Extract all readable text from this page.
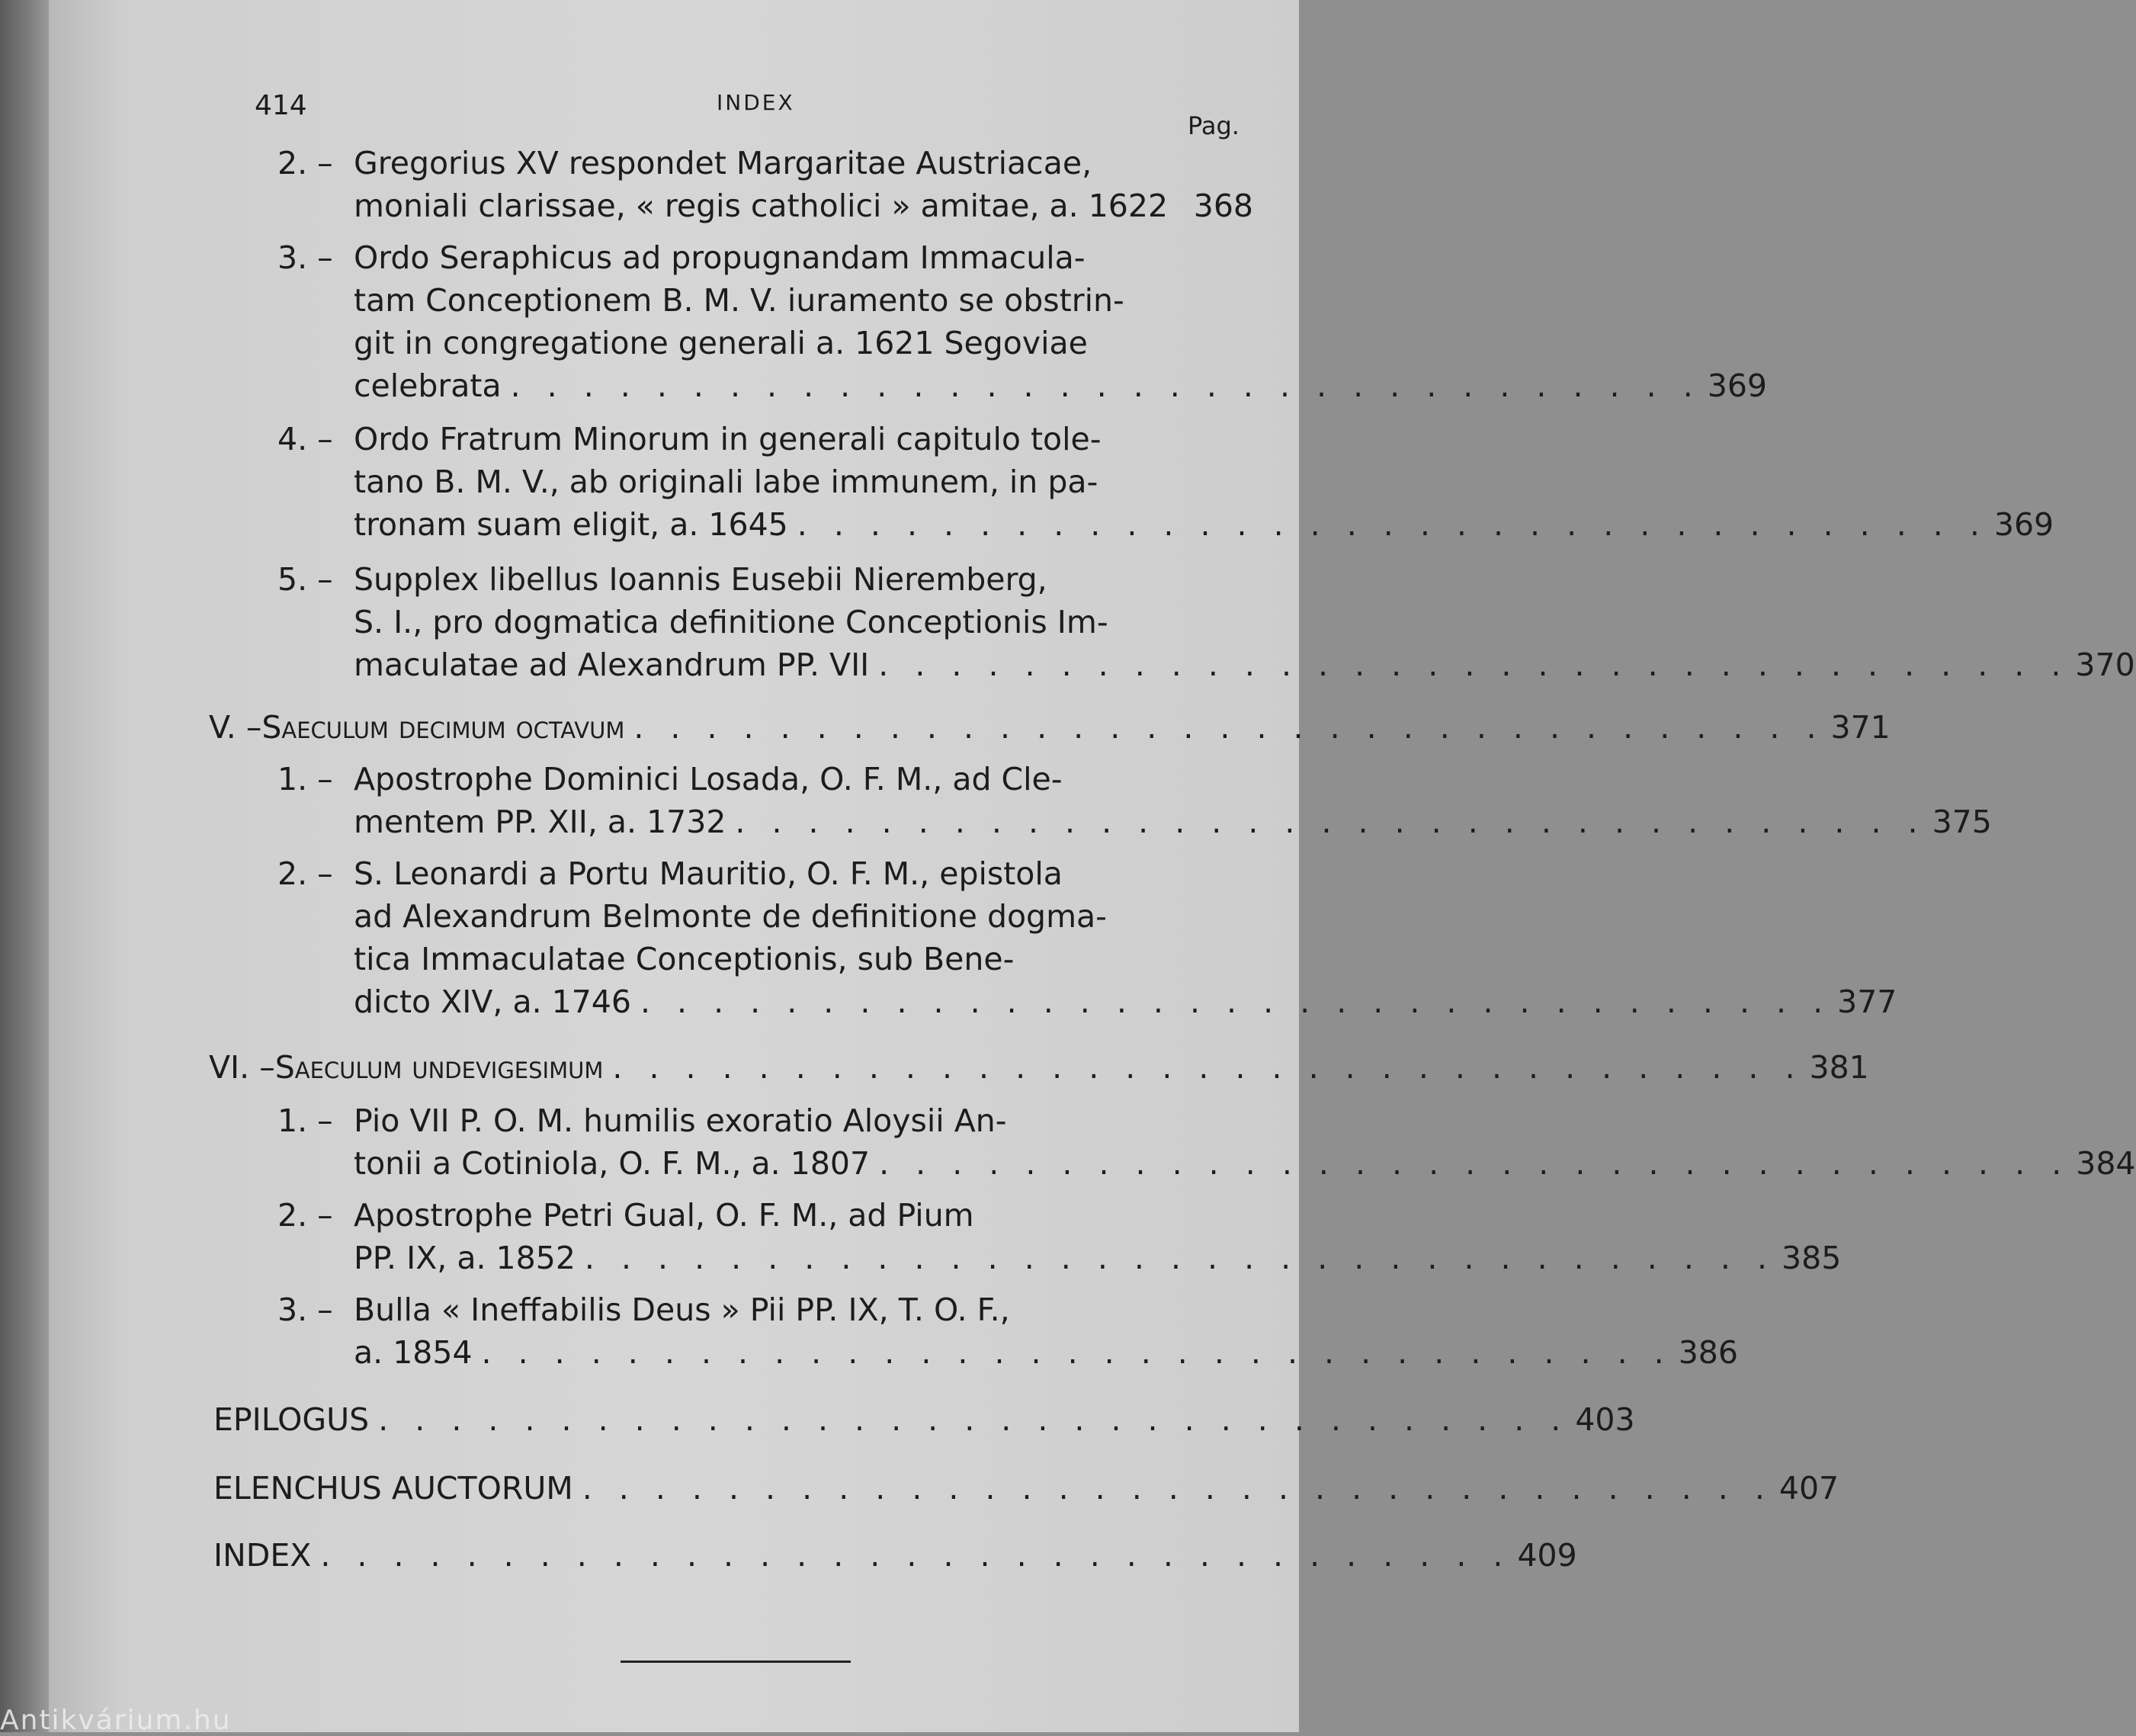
414	INDEX
Pag.
2. – Gregorius XV respondet Margaritae Austriacae,
moniali clarissae, « regis catholici » amitae, a. 1622 368
3. – Ordo Seraphicus ad propugnandam Immacula-
tam Conceptionem B. M. V. iuramento se obstrin-
git in congregatione generali a. 1621 Segoviae
celebrata . . . . . . . . . . . . . . . . . . . . . . . . . . . . . . . . . 369
4. – Ordo Fratrum Minorum in generali capitulo tole-
tano B. M. V., ab originali labe immunem, in pa-
tronam suam eligit, a. 1645 . . . . . . . . . . . . . . . . . . . . . . . . . . . . . . . . . 369
5. – Supplex libellus Ioannis Eusebii Nieremberg,
S. I., pro dogmatica definitione Conceptionis Im-
maculatae ad Alexandrum PP. VII . . . . . . . . . . . . . . . . . . . . . . . . . . . . . . . . . 370
V. – Saeculum decimum octavum . . . . . . . . . . . . . . . . . . . . . . . . . . . . . . . . . 371
1. – Apostrophe Dominici Losada, O. F. M., ad Cle-
mentem PP. XII, a. 1732 . . . . . . . . . . . . . . . . . . . . . . . . . . . . . . . . . 375
2. – S. Leonardi a Portu Mauritio, O. F. M., epistola
ad Alexandrum Belmonte de definitione dogma-
tica Immaculatae Conceptionis, sub Bene-
dicto XIV, a. 1746 . . . . . . . . . . . . . . . . . . . . . . . . . . . . . . . . . 377
VI. – Saeculum undevigesimum . . . . . . . . . . . . . . . . . . . . . . . . . . . . . . . . . 381
1. – Pio VII P. O. M. humilis exoratio Aloysii An-
tonii a Cotiniola, O. F. M., a. 1807 . . . . . . . . . . . . . . . . . . . . . . . . . . . . . . . . . 384
2. – Apostrophe Petri Gual, O. F. M., ad Pium
PP. IX, a. 1852 . . . . . . . . . . . . . . . . . . . . . . . . . . . . . . . . . 385
3. – Bulla « Ineffabilis Deus » Pii PP. IX, T. O. F.,
a. 1854 . . . . . . . . . . . . . . . . . . . . . . . . . . . . . . . . . 386
EPILOGUS . . . . . . . . . . . . . . . . . . . . . . . . . . . . . . . . . 403
ELENCHUS AUCTORUM . . . . . . . . . . . . . . . . . . . . . . . . . . . . . . . . . 407
INDEX . . . . . . . . . . . . . . . . . . . . . . . . . . . . . . . . . 409
Antikvárium.hu
